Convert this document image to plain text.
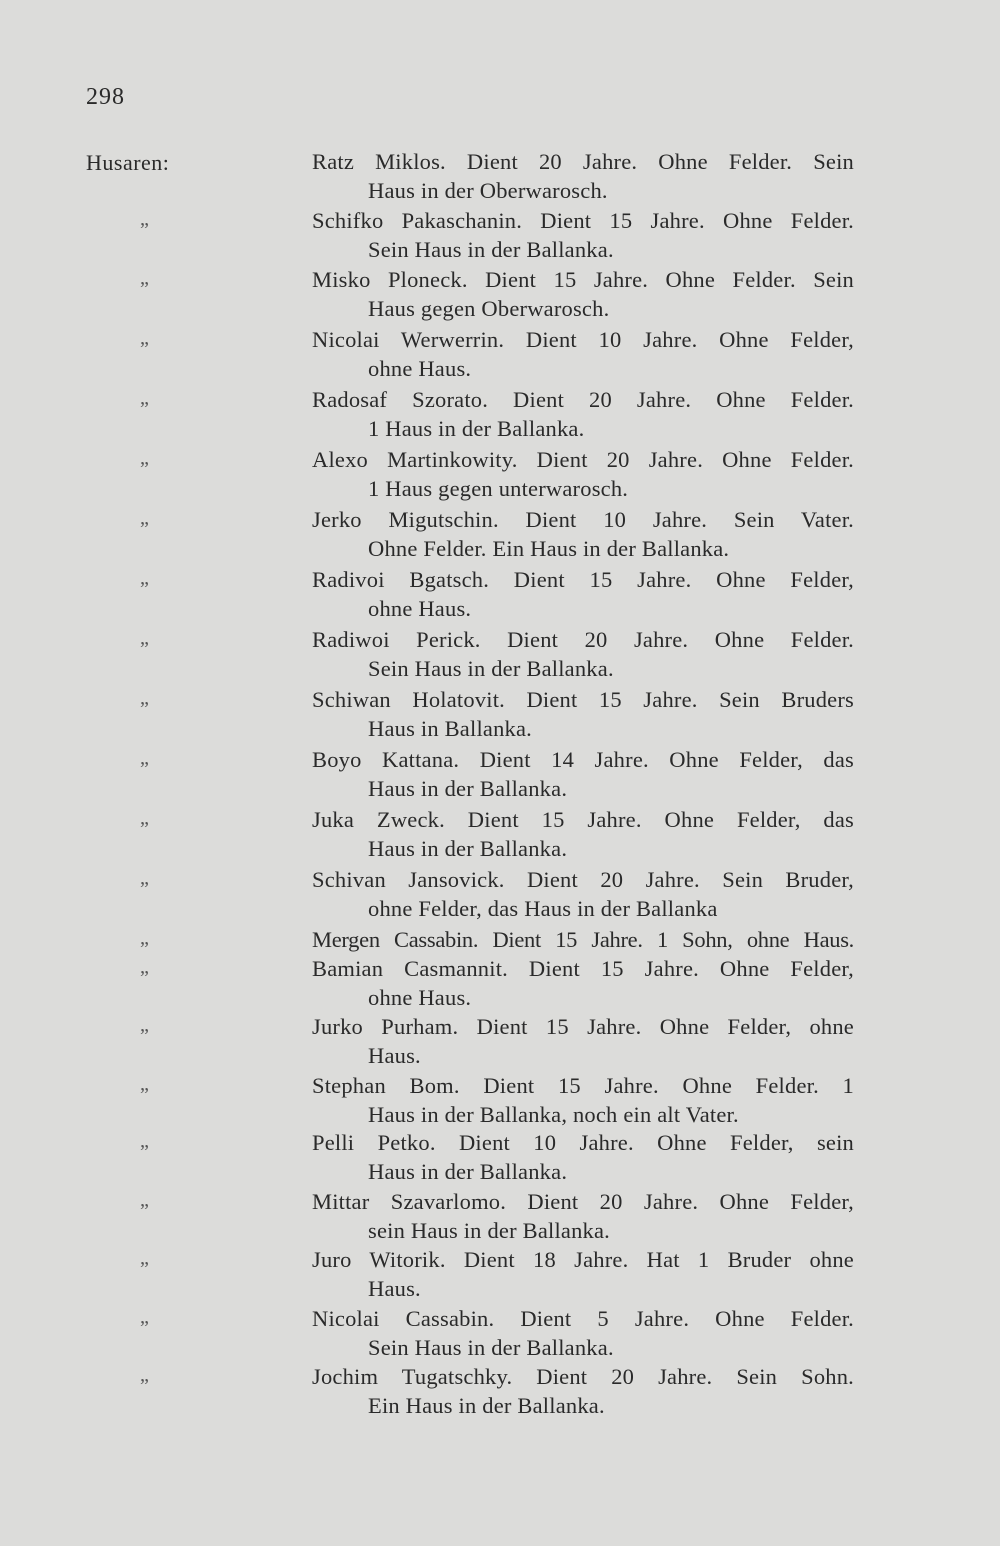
298
Husaren:	Ratz Miklos. Dient 20 Jahre. Ohne Felder. Sein
Haus in der Oberwarosch.
„	Schifko Pakaschanin. Dient 15 Jahre. Ohne Felder.
Sein Haus in der Ballanka.
„	Misko Ploneck. Dient 15 Jahre. Ohne Felder. Sein
Haus gegen Oberwarosch.
„	Nicolai Werwerrin. Dient 10 Jahre. Ohne Felder,
ohne Haus.
„	Radosaf Szorato. Dient 20 Jahre. Ohne Felder.
1 Haus in der Ballanka.
„	Alexo Martinkowity. Dient 20 Jahre. Ohne Felder.
1 Haus gegen unterwarosch.
„	Jerko Migutschin. Dient 10 Jahre. Sein Vater.
Ohne Felder. Ein Haus in der Ballanka.
„	Radivoi Bgatsch. Dient 15 Jahre. Ohne Felder,
ohne Haus.
„	Radiwoi Perick. Dient 20 Jahre. Ohne Felder.
Sein Haus in der Ballanka.
„	Schiwan Holatovit. Dient 15 Jahre. Sein Bruders
Haus in Ballanka.
„	Boyo Kattana. Dient 14 Jahre. Ohne Felder, das
Haus in der Ballanka.
„	Juka Zweck. Dient 15 Jahre. Ohne Felder, das
Haus in der Ballanka.
„	Schivan Jansovick. Dient 20 Jahre. Sein Bruder,
ohne Felder, das Haus in der Ballanka
„	Mergen Cassabin. Dient 15 Jahre. 1 Sohn, ohne Haus.
„	Bamian Casmannit. Dient 15 Jahre. Ohne Felder,
ohne Haus.
„	Jurko Purham. Dient 15 Jahre. Ohne Felder, ohne
Haus.
„	Stephan Bom. Dient 15 Jahre. Ohne Felder. 1
Haus in der Ballanka, noch ein alt Vater.
„	Pelli Petko. Dient 10 Jahre. Ohne Felder, sein
Haus in der Ballanka.
„	Mittar Szavarlomo. Dient 20 Jahre. Ohne Felder,
sein Haus in der Ballanka.
„	Juro Witorik. Dient 18 Jahre. Hat 1 Bruder ohne
Haus.
„	Nicolai Cassabin. Dient 5 Jahre. Ohne Felder.
Sein Haus in der Ballanka.
„	Jochim Tugatschky. Dient 20 Jahre. Sein Sohn.
Ein Haus in der Ballanka.
